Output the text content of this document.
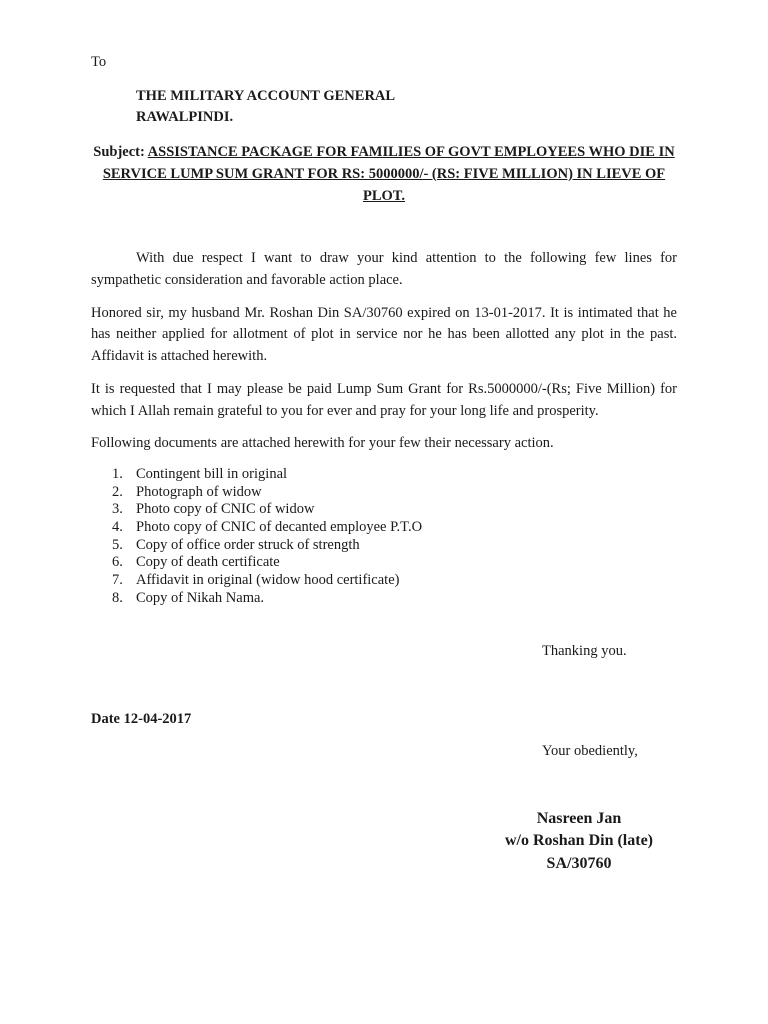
To
THE MILITARY ACCOUNT GENERAL
RAWALPINDI.
Subject: ASSISTANCE PACKAGE FOR FAMILIES OF GOVT EMPLOYEES WHO DIE IN SERVICE LUMP SUM GRANT FOR RS: 5000000/- (RS: FIVE MILLION) IN LIEVE OF PLOT.

With due respect I want to draw your kind attention to the following few lines for sympathetic consideration and favorable action place.

Honored sir, my husband Mr. Roshan Din SA/30760 expired on 13-01-2017. It is intimated that he has neither applied for allotment of plot in service nor he has been allotted any plot in the past. Affidavit is attached herewith.

It is requested that I may please be paid Lump Sum Grant for Rs.5000000/-(Rs; Five Million) for which I Allah remain grateful to you for ever and pray for your long life and prosperity.

Following documents are attached herewith for your few their necessary action.

1. Contingent bill in original
2. Photograph of widow
3. Photo copy of CNIC of widow
4. Photo copy of CNIC of decanted employee P.T.O
5. Copy of office order struck of strength
6. Copy of death certificate
7. Affidavit in original (widow hood certificate)
8. Copy of Nikah Nama.
Thanking you.
Date 12-04-2017
Your obediently,
Nasreen Jan
w/o Roshan Din (late)
SA/30760
